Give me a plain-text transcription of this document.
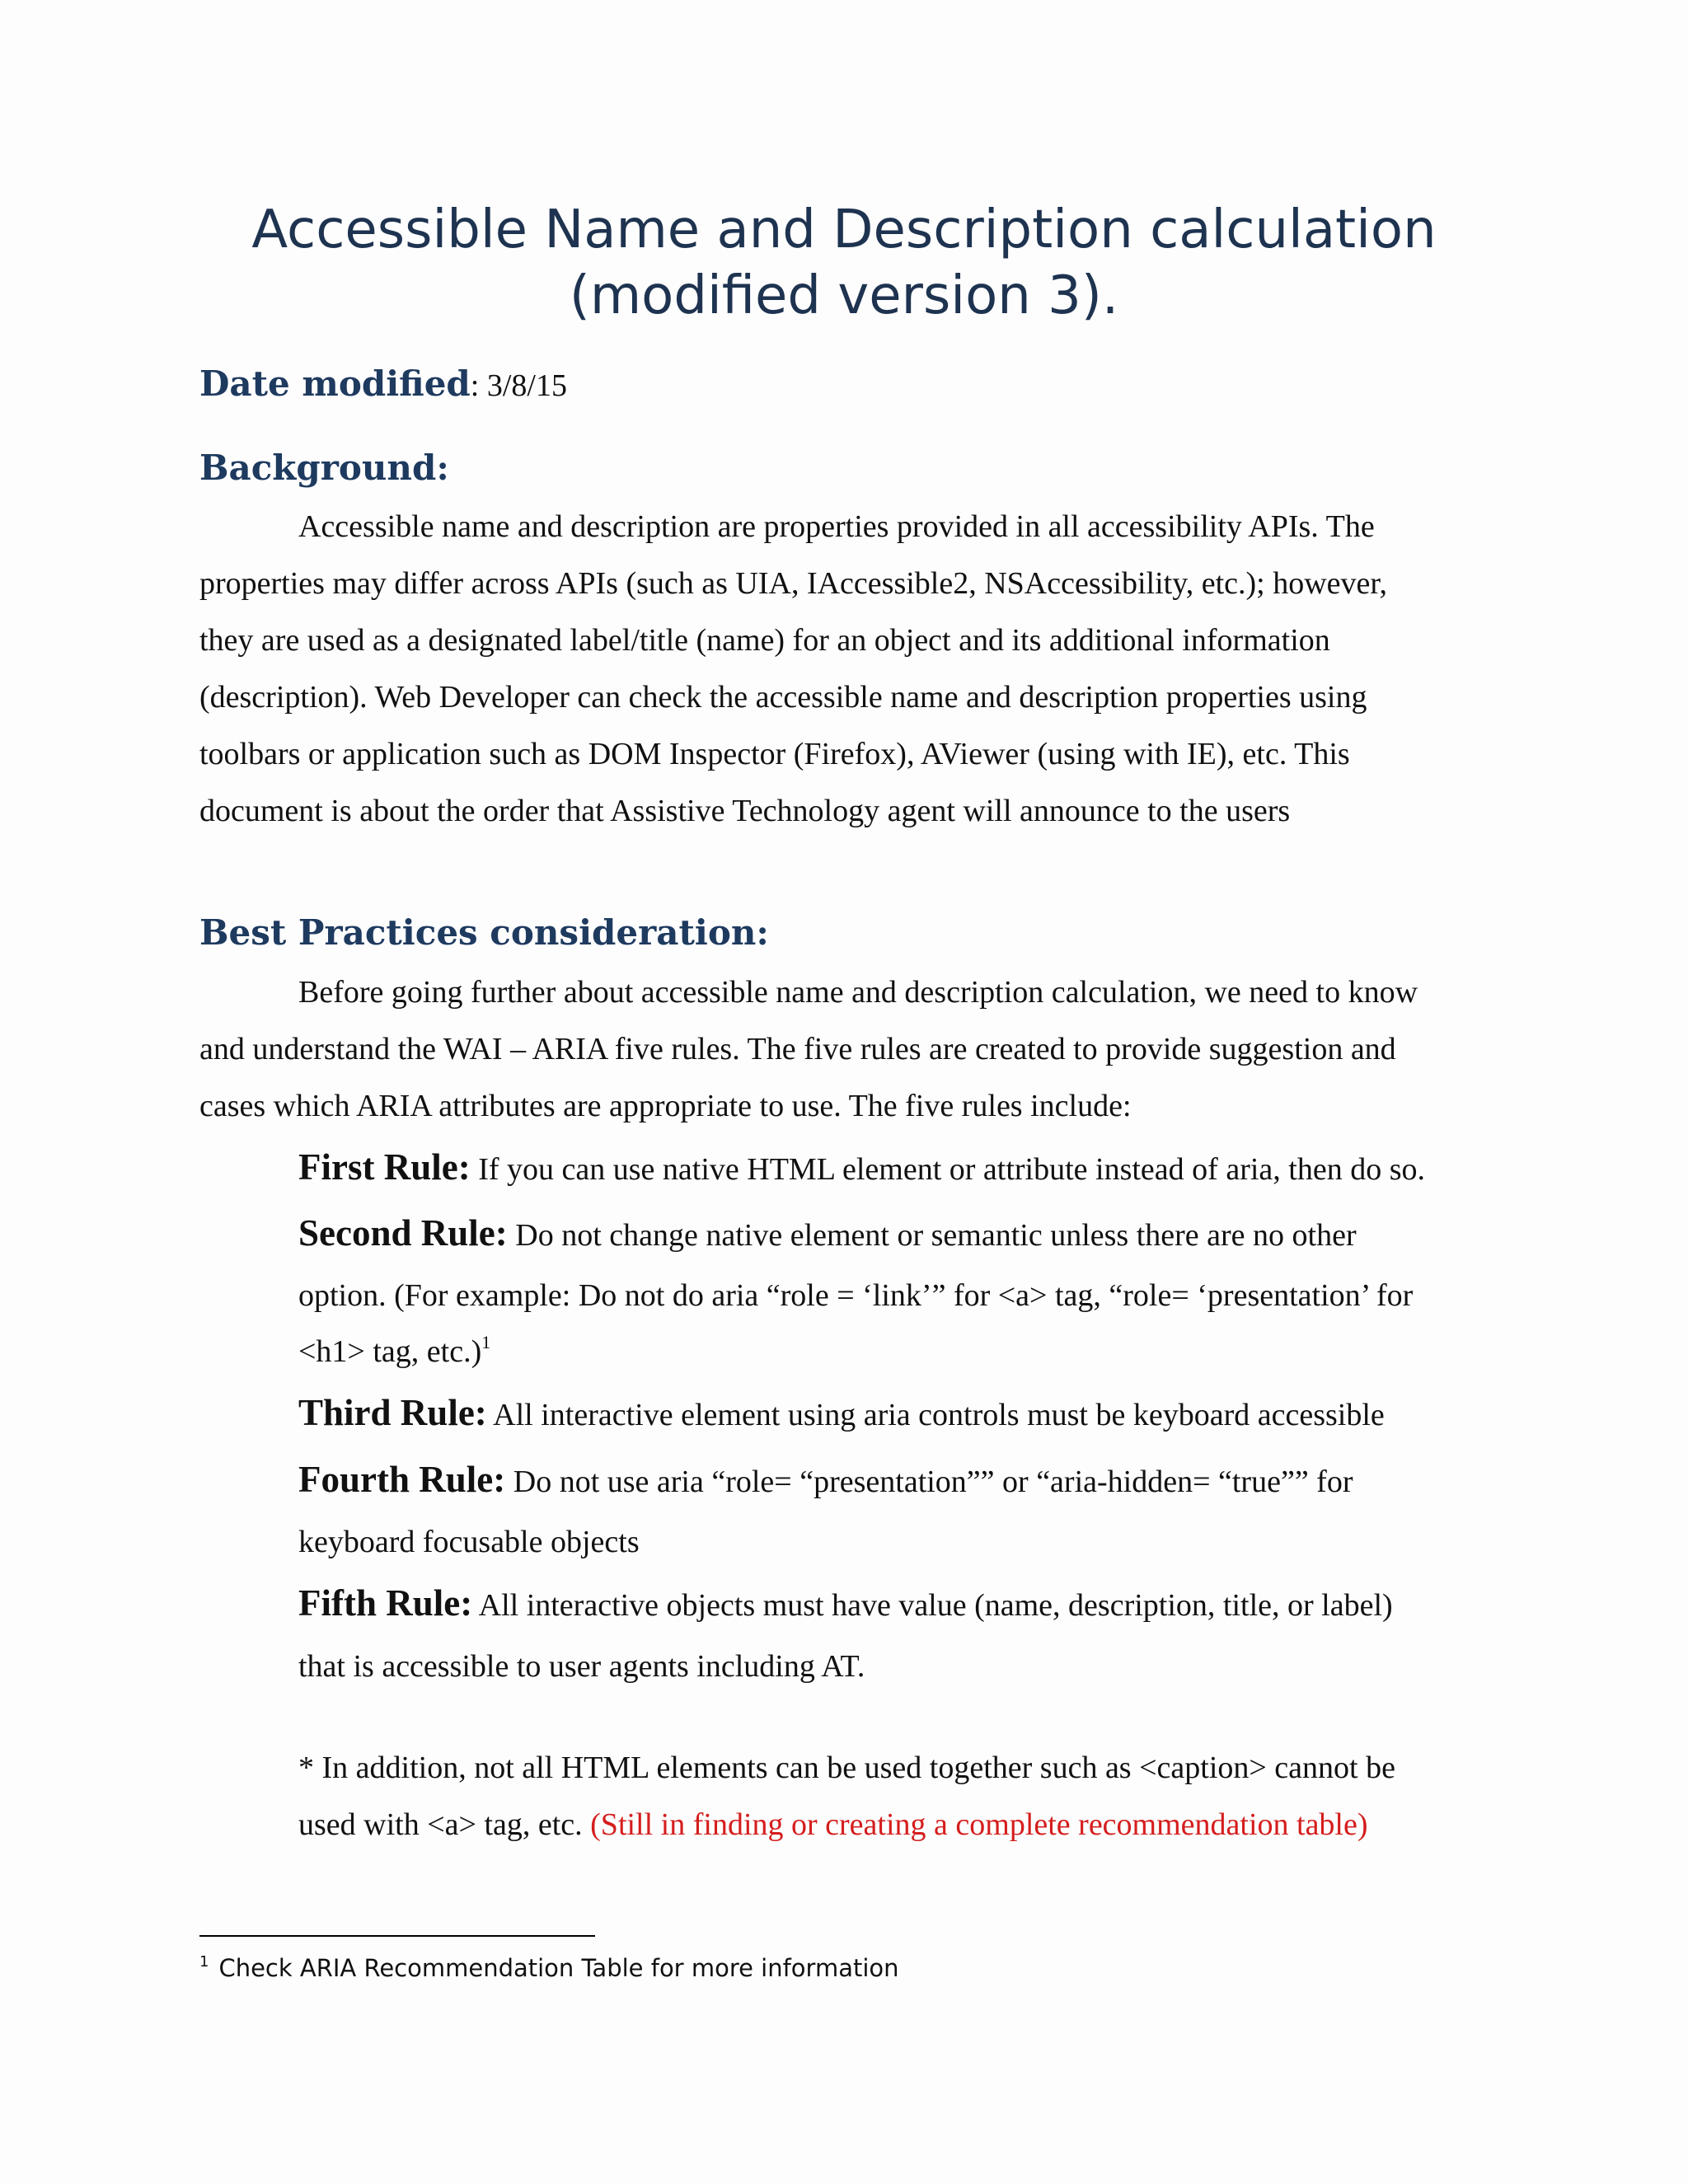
Accessible Name and Description calculation
(modified version 3).

Date modified: 3/8/15

Background:

Accessible name and description are properties provided in all accessibility APIs. The

properties may differ across APIs (such as UIA, IAccessible2, NSAccessibility, etc.); however,

they are used as a designated label/title (name) for an object and its additional information

(description). Web Developer can check the accessible name and description properties using

toolbars or application such as DOM Inspector (Firefox), AViewer (using with IE), etc. This

document is about the order that Assistive Technology agent will announce to the users

Best Practices consideration:

Before going further about accessible name and description calculation, we need to know

and understand the WAI – ARIA five rules. The five rules are created to provide suggestion and

cases which ARIA attributes are appropriate to use. The five rules include:

First Rule: If you can use native HTML element or attribute instead of aria, then do so.

Second Rule: Do not change native element or semantic unless there are no other

option. (For example: Do not do aria “role = ‘link’” for <a> tag, “role= ‘presentation’ for

<h1> tag, etc.)$^1$

Third Rule: All interactive element using aria controls must be keyboard accessible

Fourth Rule: Do not use aria “role= “presentation”” or “aria-hidden= “true”” for

keyboard focusable objects

Fifth Rule: All interactive objects must have value (name, description, title, or label)

that is accessible to user agents including AT.

* In addition, not all HTML elements can be used together such as <caption> cannot be

used with <a> tag, etc. (Still in finding or creating a complete recommendation table)

$^1$ Check ARIA Recommendation Table for more information
